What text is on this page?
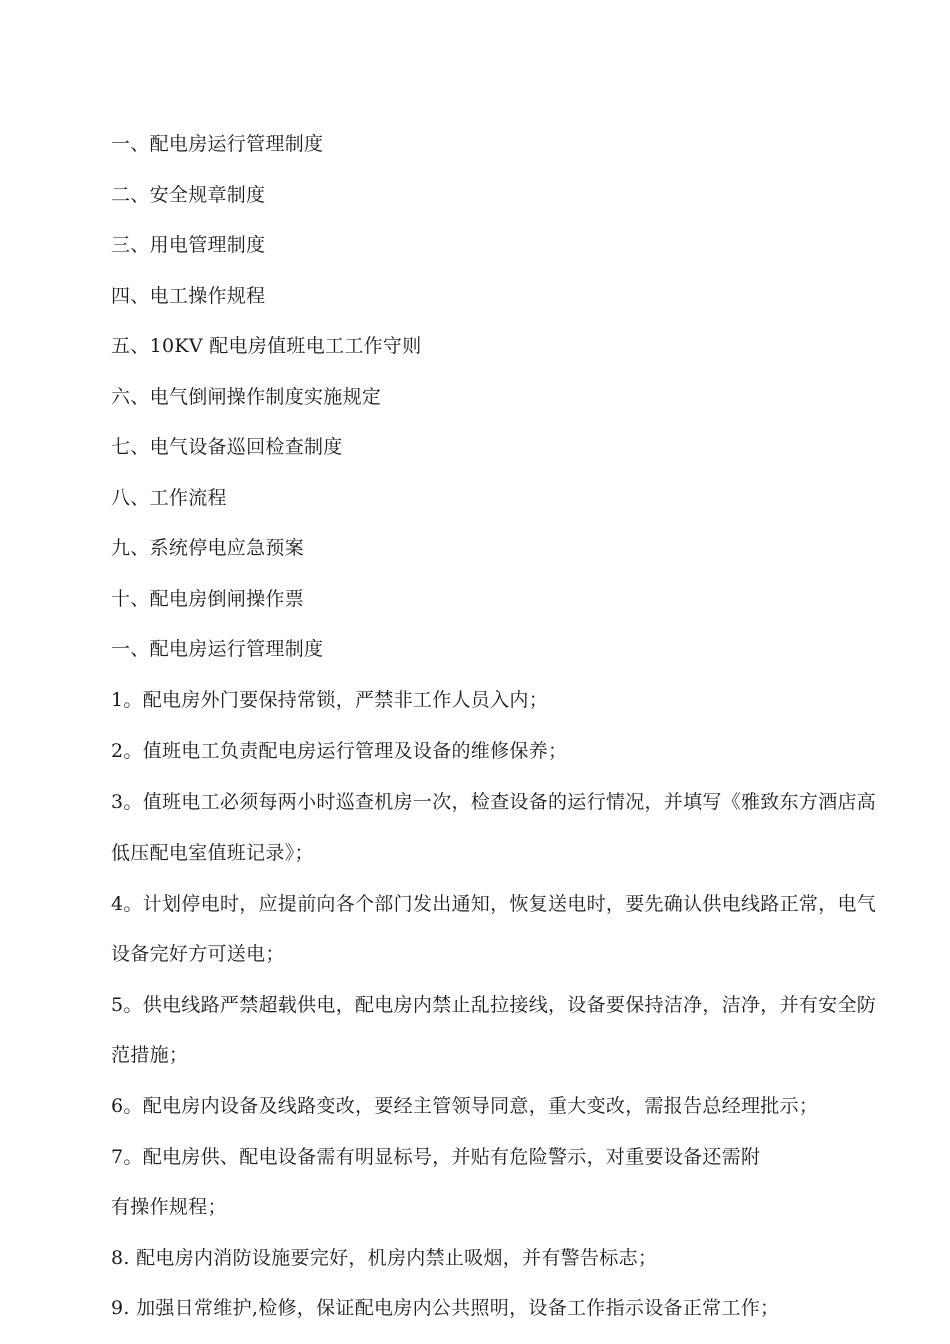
一、配电房运行管理制度
二、安全规章制度
三、用电管理制度
四、电工操作规程
五、10KV 配电房值班电工工作守则
六、电气倒闸操作制度实施规定
七、电气设备巡回检查制度
八、工作流程
九、系统停电应急预案
十、配电房倒闸操作票
一、配电房运行管理制度
1。配电房外门要保持常锁，严禁非工作人员入内；
2。值班电工负责配电房运行管理及设备的维修保养；
3。值班电工必须每两小时巡查机房一次，检查设备的运行情况，并填写《雅致东方酒店高
低压配电室值班记录》；
4。计划停电时，应提前向各个部门发出通知，恢复送电时，要先确认供电线路正常，电气
设备完好方可送电；
5。供电线路严禁超载供电，配电房内禁止乱拉接线，设备要保持洁净，洁净，并有安全防
范措施；
6。配电房内设备及线路变改，要经主管领导同意，重大变改，需报告总经理批示；
7。配电房供、配电设备需有明显标号，并贴有危险警示，对重要设备还需附
有操作规程；
8. 配电房内消防设施要完好，机房内禁止吸烟，并有警告标志；
9. 加强日常维护,检修，保证配电房内公共照明，设备工作指示设备正常工作；
